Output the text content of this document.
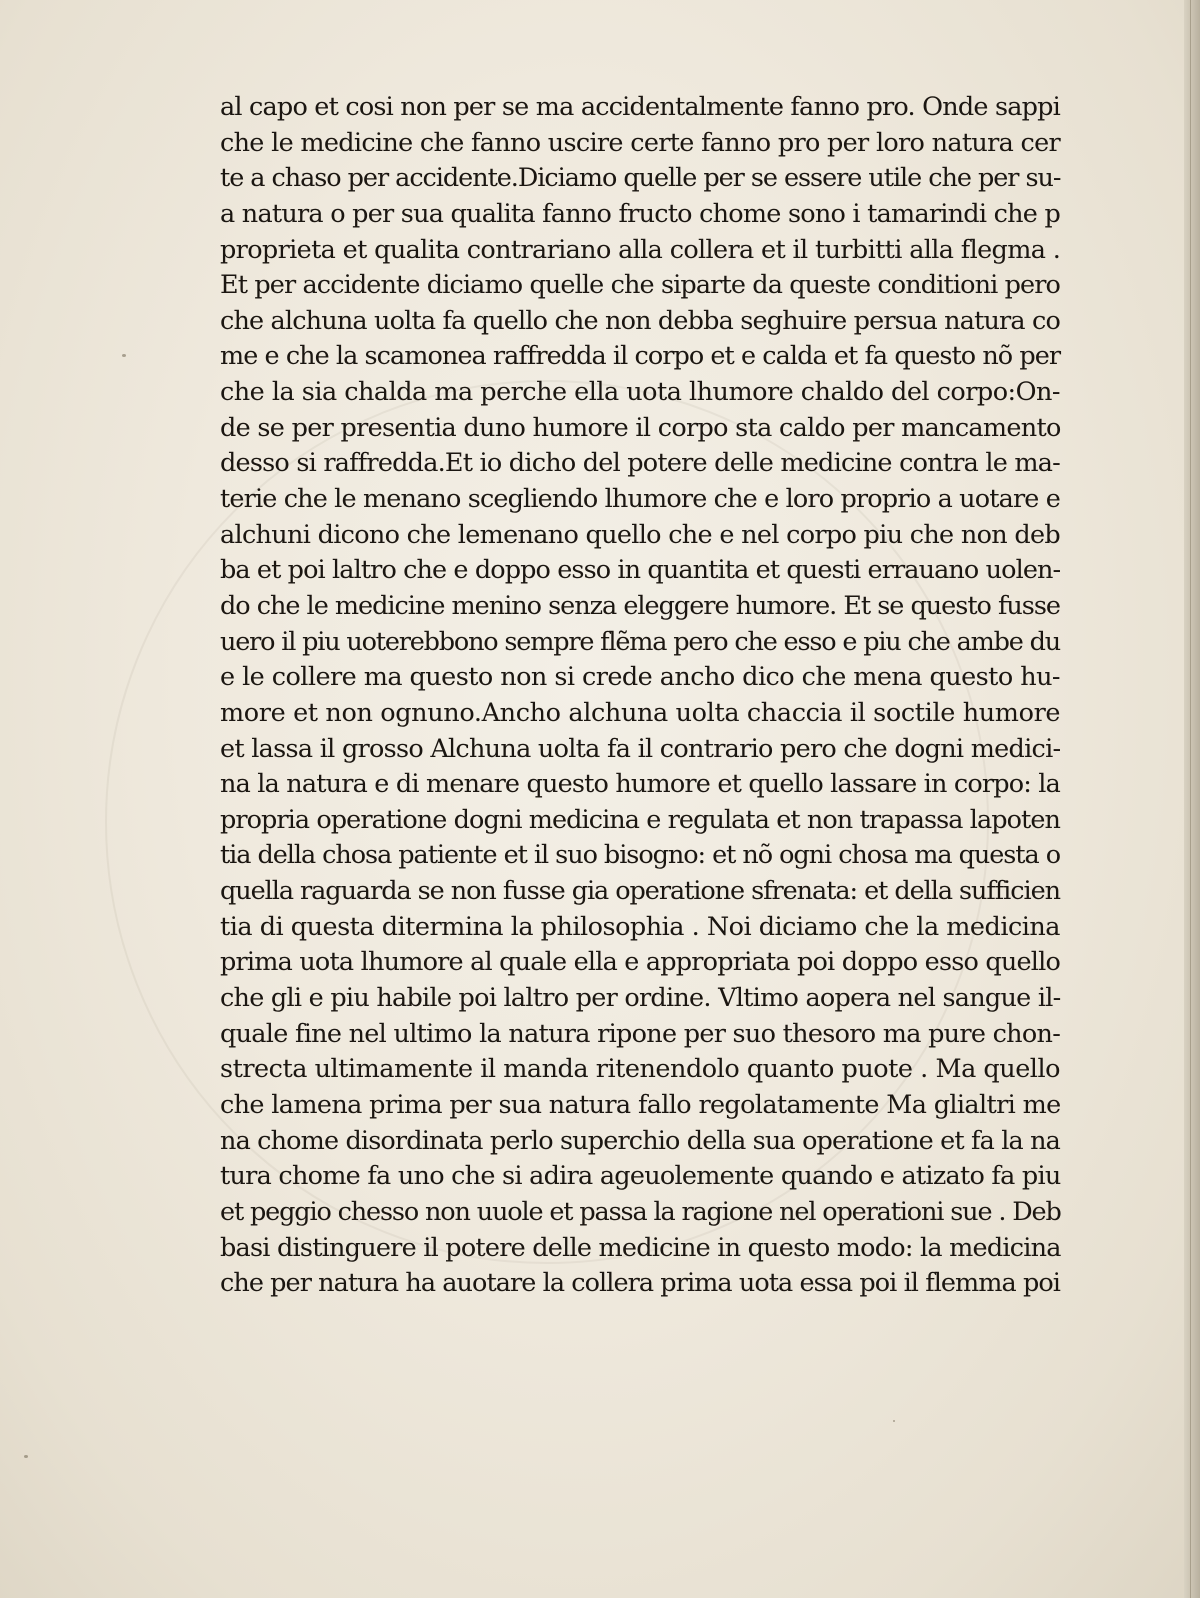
al capo et cosi non per se ma accidentalmente fanno pro. Onde sappi
che le medicine che fanno uscire certe fanno pro per loro natura cer
te a chaso per accidente.Diciamo quelle per se essere utile che per su-
a natura o per sua qualita fanno fructo chome sono i tamarindi che p
proprieta et qualita contrariano alla collera et il turbitti alla flegma .
Et per accidente diciamo quelle che siparte da queste conditioni pero
che alchuna uolta fa quello che non debba seghuire persua natura co
me e che la scamonea raffredda il corpo et e calda et fa questo nõ per
che la sia chalda ma perche ella uota lhumore chaldo del corpo:On-
de se per presentia duno humore il corpo sta caldo per mancamento
desso si raffredda.Et io dicho del potere delle medicine contra le ma-
terie che le menano scegliendo lhumore che e loro proprio a uotare e
alchuni dicono che lemenano quello che e nel corpo piu che non deb
ba et poi laltro che e doppo esso in quantita et questi errauano uolen-
do che le medicine menino senza eleggere humore. Et se questo fusse
uero il piu uoterebbono sempre flẽma pero che esso e piu che ambe du
e le collere ma questo non si crede ancho dico che mena questo hu-
more et non ognuno.Ancho alchuna uolta chaccia il soctile humore
et lassa il grosso Alchuna uolta fa il contrario pero che dogni medici-
na la natura e di menare questo humore et quello lassare in corpo: la
propria operatione dogni medicina e regulata et non trapassa lapoten
tia della chosa patiente et il suo bisogno: et nõ ogni chosa ma questa o
quella raguarda se non fusse gia operatione sfrenata: et della sufficien
tia di questa ditermina la philosophia . Noi diciamo che la medicina
prima uota lhumore al quale ella e appropriata poi doppo esso quello
che gli e piu habile poi laltro per ordine. Vltimo aopera nel sangue il-
quale fine nel ultimo la natura ripone per suo thesoro ma pure chon-
strecta ultimamente il manda ritenendolo quanto puote . Ma quello
che lamena prima per sua natura fallo regolatamente Ma glialtri me
na chome disordinata perlo superchio della sua operatione et fa la na
tura chome fa uno che si adira ageuolemente quando e atizato fa piu
et peggio chesso non uuole et passa la ragione nel operationi sue . Deb
basi distinguere il potere delle medicine in questo modo: la medicina
che per natura ha auotare la collera prima uota essa poi il flemma poi
